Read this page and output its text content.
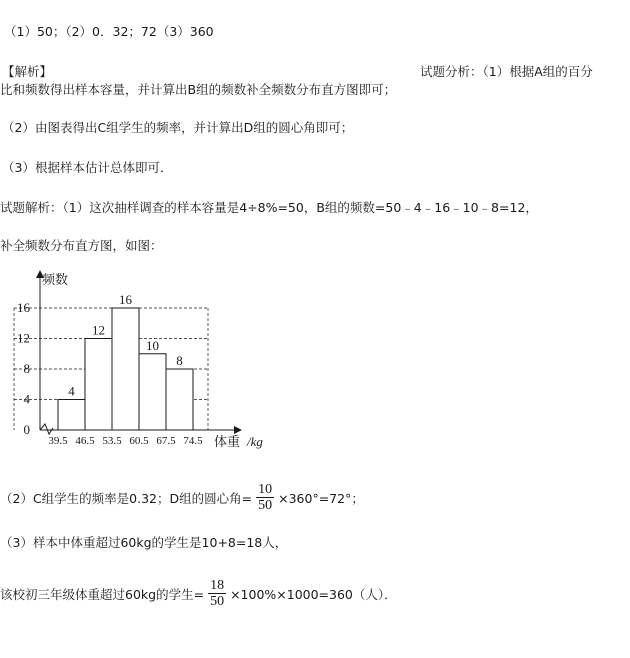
（1）50；（2）0．32；72（3）360
【解析】	试题分析：（1）根据A组的百分
比和频数得出样本容量，并计算出B组的频数补全频数分布直方图即可；
（2）由图表得出C组学生的频率，并计算出D组的圆心角即可；
（3）根据样本估计总体即可．
试题解析：（1）这次抽样调查的样本容量是4÷8%=50，B组的频数=50﹣4﹣16﹣10﹣8=12，
补全频数分布直方图，如图：
4
12
16
10
8
0
4
8
12
16
39.5 46.5 53.5 60.5 67.5 74.5
频数
体重 /kg
（2）C组学生的频率是0.32；D组的圆心角= $\frac{10}{50} \times 360^\circ=72^\circ$；
（3）样本中体重超过60kg的学生是10+8=18人，
该校初三年级体重超过60kg的学生= $\frac{18}{50} \times 100\%\times 1000=360$（人）．
